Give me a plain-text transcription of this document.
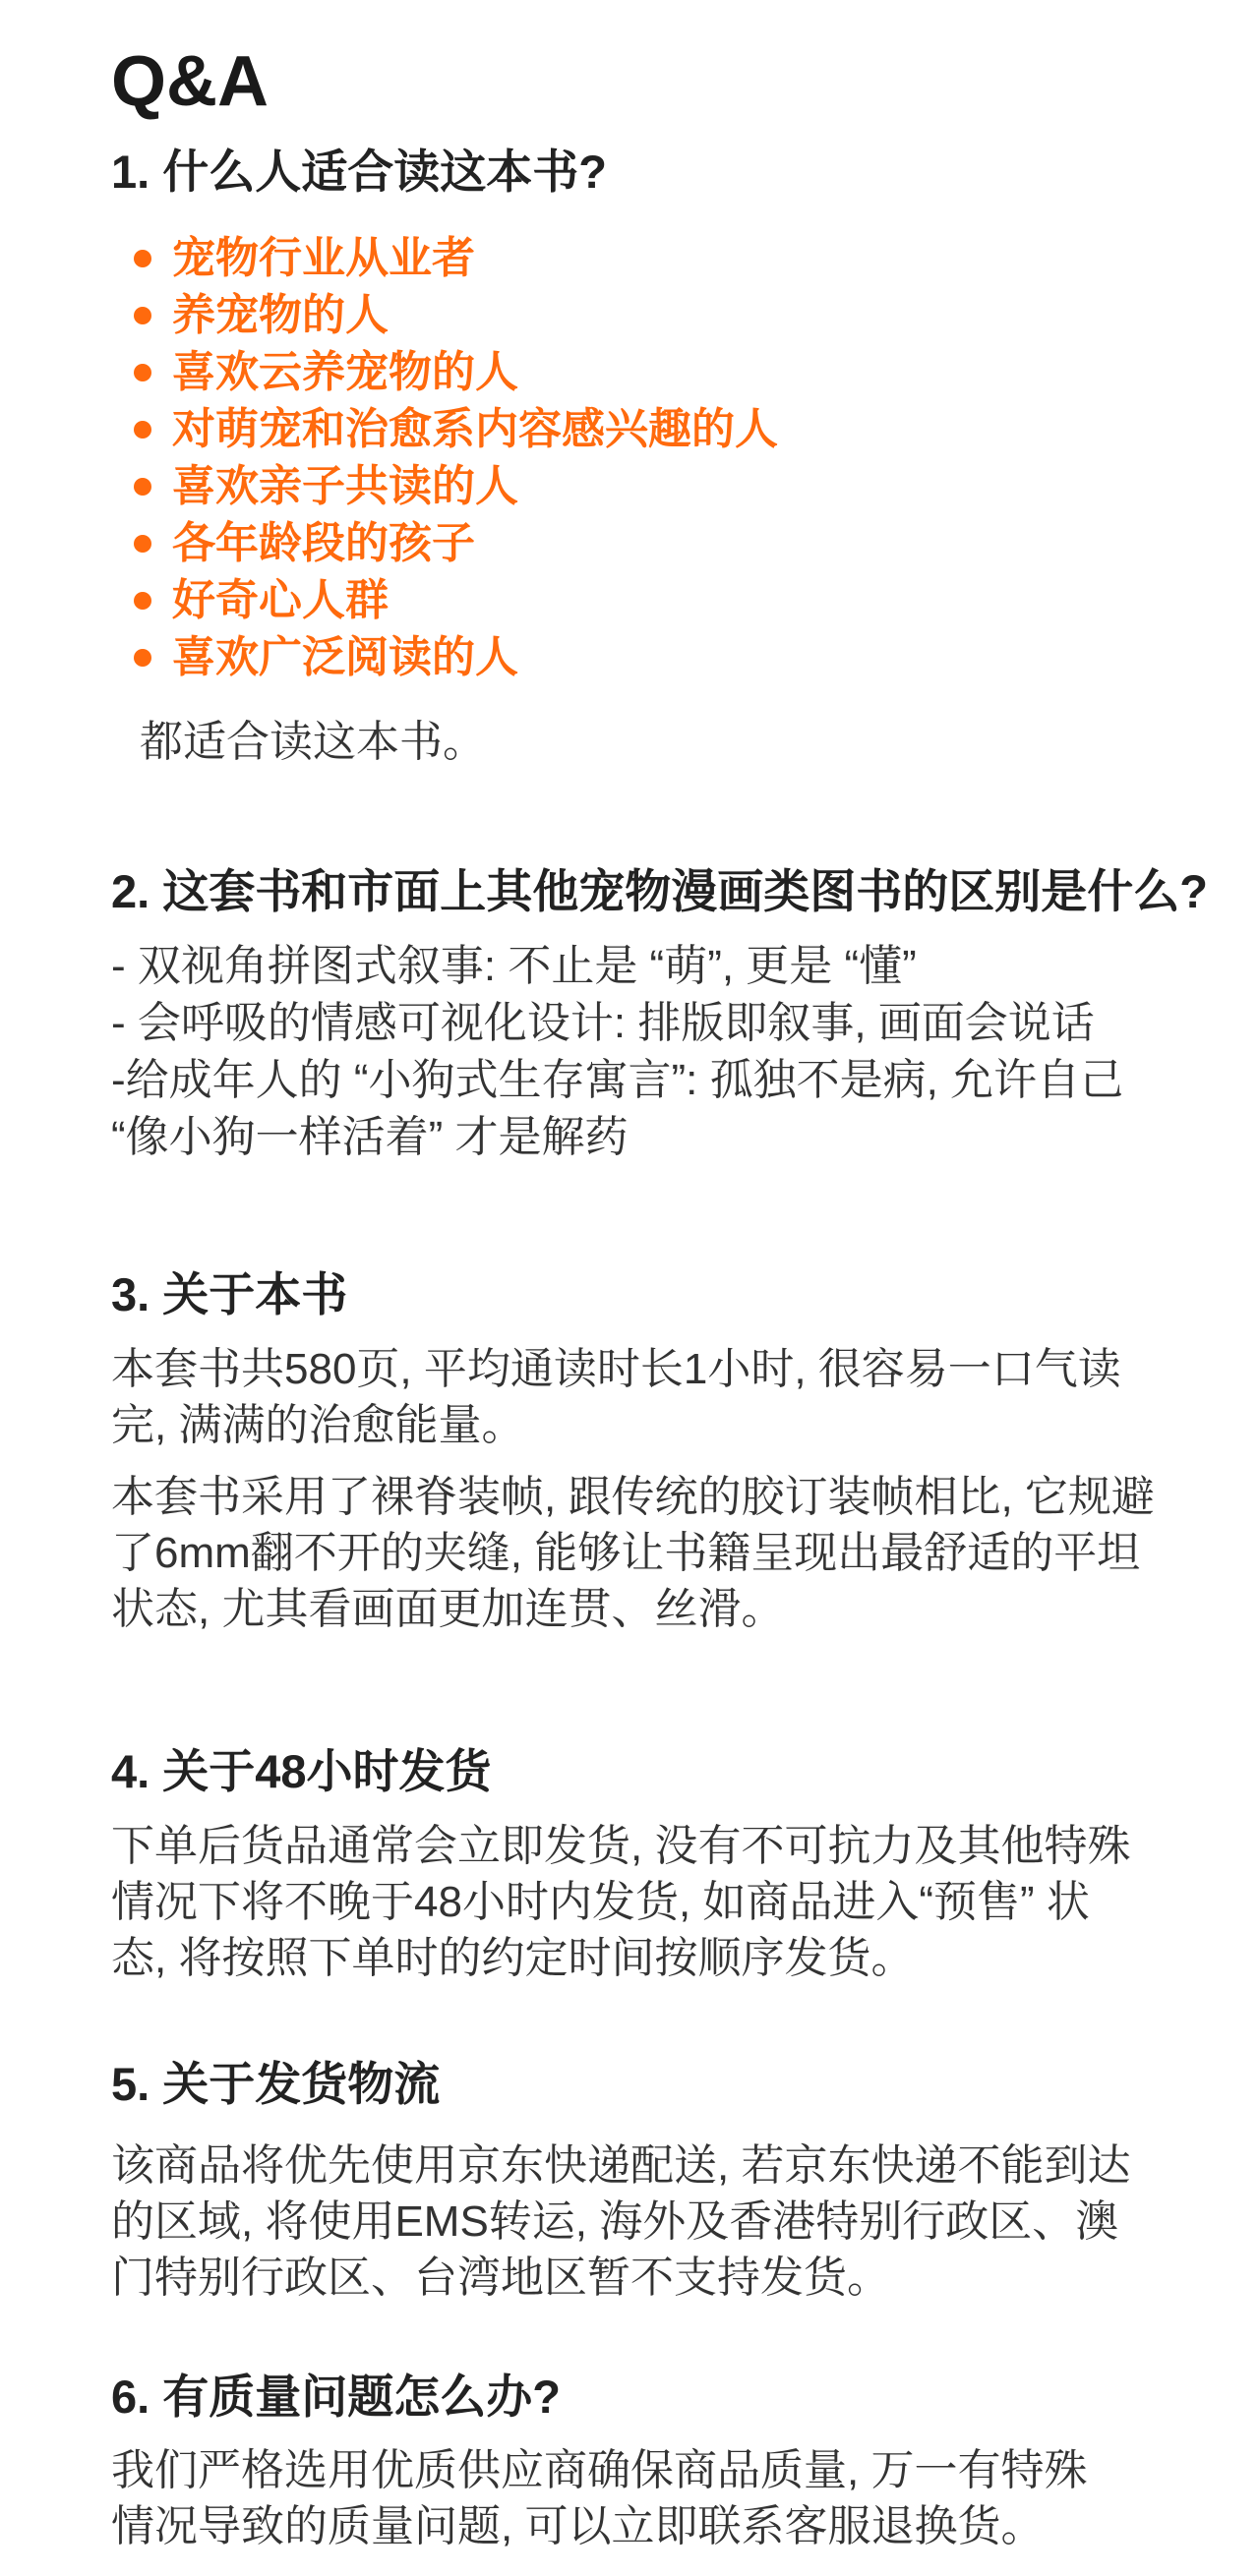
Q&A
1. 什么人适合读这本书?
宠物行业从业者
养宠物的人
喜欢云养宠物的人
对萌宠和治愈系内容感兴趣的人
喜欢亲子共读的人
各年龄段的孩子
好奇心人群
喜欢广泛阅读的人
都适合读这本书。
2. 这套书和市面上其他宠物漫画类图书的区别是什么?
- 双视角拼图式叙事: 不止是 “萌”, 更是 “懂”
- 会呼吸的情感可视化设计: 排版即叙事, 画面会说话
-给成年人的 “小狗式生存寓言”: 孤独不是病, 允许自己
“像小狗一样活着” 才是解药
3. 关于本书
本套书共580页, 平均通读时长1小时, 很容易一口气读
完, 满满的治愈能量。
本套书采用了裸脊装帧, 跟传统的胶订装帧相比, 它规避
了6mm翻不开的夹缝, 能够让书籍呈现出最舒适的平坦
状态, 尤其看画面更加连贯、丝滑。
4. 关于48小时发货
下单后货品通常会立即发货, 没有不可抗力及其他特殊
情况下将不晚于48小时内发货, 如商品进入“预售” 状
态, 将按照下单时的约定时间按顺序发货。
5. 关于发货物流
该商品将优先使用京东快递配送, 若京东快递不能到达
的区域, 将使用EMS转运, 海外及香港特别行政区、澳
门特别行政区、台湾地区暂不支持发货。
6. 有质量问题怎么办?
我们严格选用优质供应商确保商品质量, 万一有特殊
情况导致的质量问题, 可以立即联系客服退换货。
